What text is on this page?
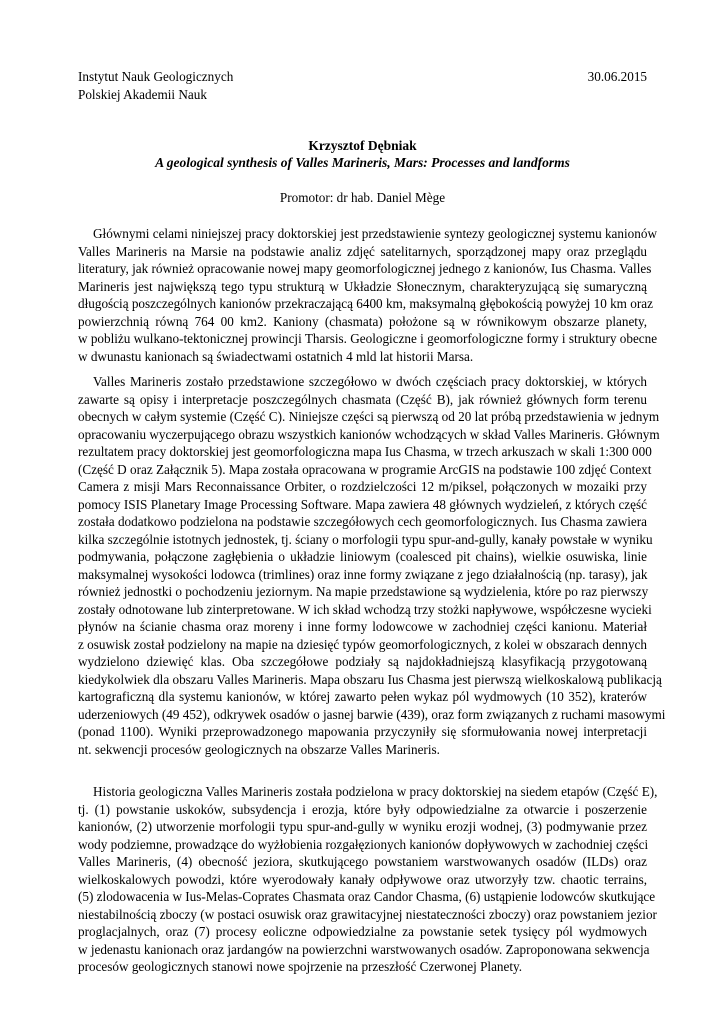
Instytut Nauk Geologicznych
Polskiej Akademii Nauk
30.06.2015
Krzysztof Dębniak
A geological synthesis of Valles Marineris, Mars: Processes and landforms
Promotor: dr hab. Daniel Mège
Głównymi celami niniejszej pracy doktorskiej jest przedstawienie syntezy geologicznej systemu kanionów
Valles Marineris na Marsie na podstawie analiz zdjęć satelitarnych, sporządzonej mapy oraz przeglądu
literatury, jak również opracowanie nowej mapy geomorfologicznej jednego z kanionów, Ius Chasma. Valles
Marineris jest największą tego typu strukturą w Układzie Słonecznym, charakteryzującą się sumaryczną
długością poszczególnych kanionów przekraczającą 6400 km, maksymalną głębokością powyżej 10 km oraz
powierzchnią równą 764 00 km2. Kaniony (chasmata) położone są w równikowym obszarze planety,
w pobliżu wulkano-tektonicznej prowincji Tharsis. Geologiczne i geomorfologiczne formy i struktury obecne
w dwunastu kanionach są świadectwami ostatnich 4 mld lat historii Marsa.
Valles Marineris zostało przedstawione szczegółowo w dwóch częściach pracy doktorskiej, w których
zawarte są opisy i interpretacje poszczególnych chasmata (Część B), jak również głównych form terenu
obecnych w całym systemie (Część C). Niniejsze części są pierwszą od 20 lat próbą przedstawienia w jednym
opracowaniu wyczerpującego obrazu wszystkich kanionów wchodzących w skład Valles Marineris. Głównym
rezultatem pracy doktorskiej jest geomorfologiczna mapa Ius Chasma, w trzech arkuszach w skali 1:300 000
(Część D oraz Załącznik 5). Mapa została opracowana w programie ArcGIS na podstawie 100 zdjęć Context
Camera z misji Mars Reconnaissance Orbiter, o rozdzielczości 12 m/piksel, połączonych w mozaiki przy
pomocy ISIS Planetary Image Processing Software. Mapa zawiera 48 głównych wydzieleń, z których część
została dodatkowo podzielona na podstawie szczegółowych cech geomorfologicznych. Ius Chasma zawiera
kilka szczególnie istotnych jednostek, tj. ściany o morfologii typu spur-and-gully, kanały powstałe w wyniku
podmywania, połączone zagłębienia o układzie liniowym (coalesced pit chains), wielkie osuwiska, linie
maksymalnej wysokości lodowca (trimlines) oraz inne formy związane z jego działalnością (np. tarasy), jak
również jednostki o pochodzeniu jeziornym. Na mapie przedstawione są wydzielenia, które po raz pierwszy
zostały odnotowane lub zinterpretowane. W ich skład wchodzą trzy stożki napływowe, współczesne wycieki
płynów na ścianie chasma oraz moreny i inne formy lodowcowe w zachodniej części kanionu. Materiał
z osuwisk został podzielony na mapie na dziesięć typów geomorfologicznych, z kolei w obszarach dennych
wydzielono dziewięć klas. Oba szczegółowe podziały są najdokładniejszą klasyfikacją przygotowaną
kiedykolwiek dla obszaru Valles Marineris. Mapa obszaru Ius Chasma jest pierwszą wielkoskalową publikacją
kartograficzną dla systemu kanionów, w której zawarto pełen wykaz pól wydmowych (10 352), kraterów
uderzeniowych (49 452), odkrywek osadów o jasnej barwie (439), oraz form związanych z ruchami masowymi
(ponad 1100). Wyniki przeprowadzonego mapowania przyczyniły się sformułowania nowej interpretacji
nt. sekwencji procesów geologicznych na obszarze Valles Marineris.
Historia geologiczna Valles Marineris została podzielona w pracy doktorskiej na siedem etapów (Część E),
tj. (1) powstanie uskoków, subsydencja i erozja, które były odpowiedzialne za otwarcie i poszerzenie
kanionów, (2) utworzenie morfologii typu spur-and-gully w wyniku erozji wodnej, (3) podmywanie przez
wody podziemne, prowadzące do wyżłobienia rozgałęzionych kanionów dopływowych w zachodniej części
Valles Marineris, (4) obecność jeziora, skutkującego powstaniem warstwowanych osadów (ILDs) oraz
wielkoskalowych powodzi, które wyerodowały kanały odpływowe oraz utworzyły tzw. chaotic terrains,
(5) zlodowacenia w Ius-Melas-Coprates Chasmata oraz Candor Chasma, (6) ustąpienie lodowców skutkujące
niestabilnością zboczy (w postaci osuwisk oraz grawitacyjnej niestateczności zboczy) oraz powstaniem jezior
proglacjalnych, oraz (7) procesy eoliczne odpowiedzialne za powstanie setek tysięcy pól wydmowych
w jedenastu kanionach oraz jardangów na powierzchni warstwowanych osadów. Zaproponowana sekwencja
procesów geologicznych stanowi nowe spojrzenie na przeszłość Czerwonej Planety.
